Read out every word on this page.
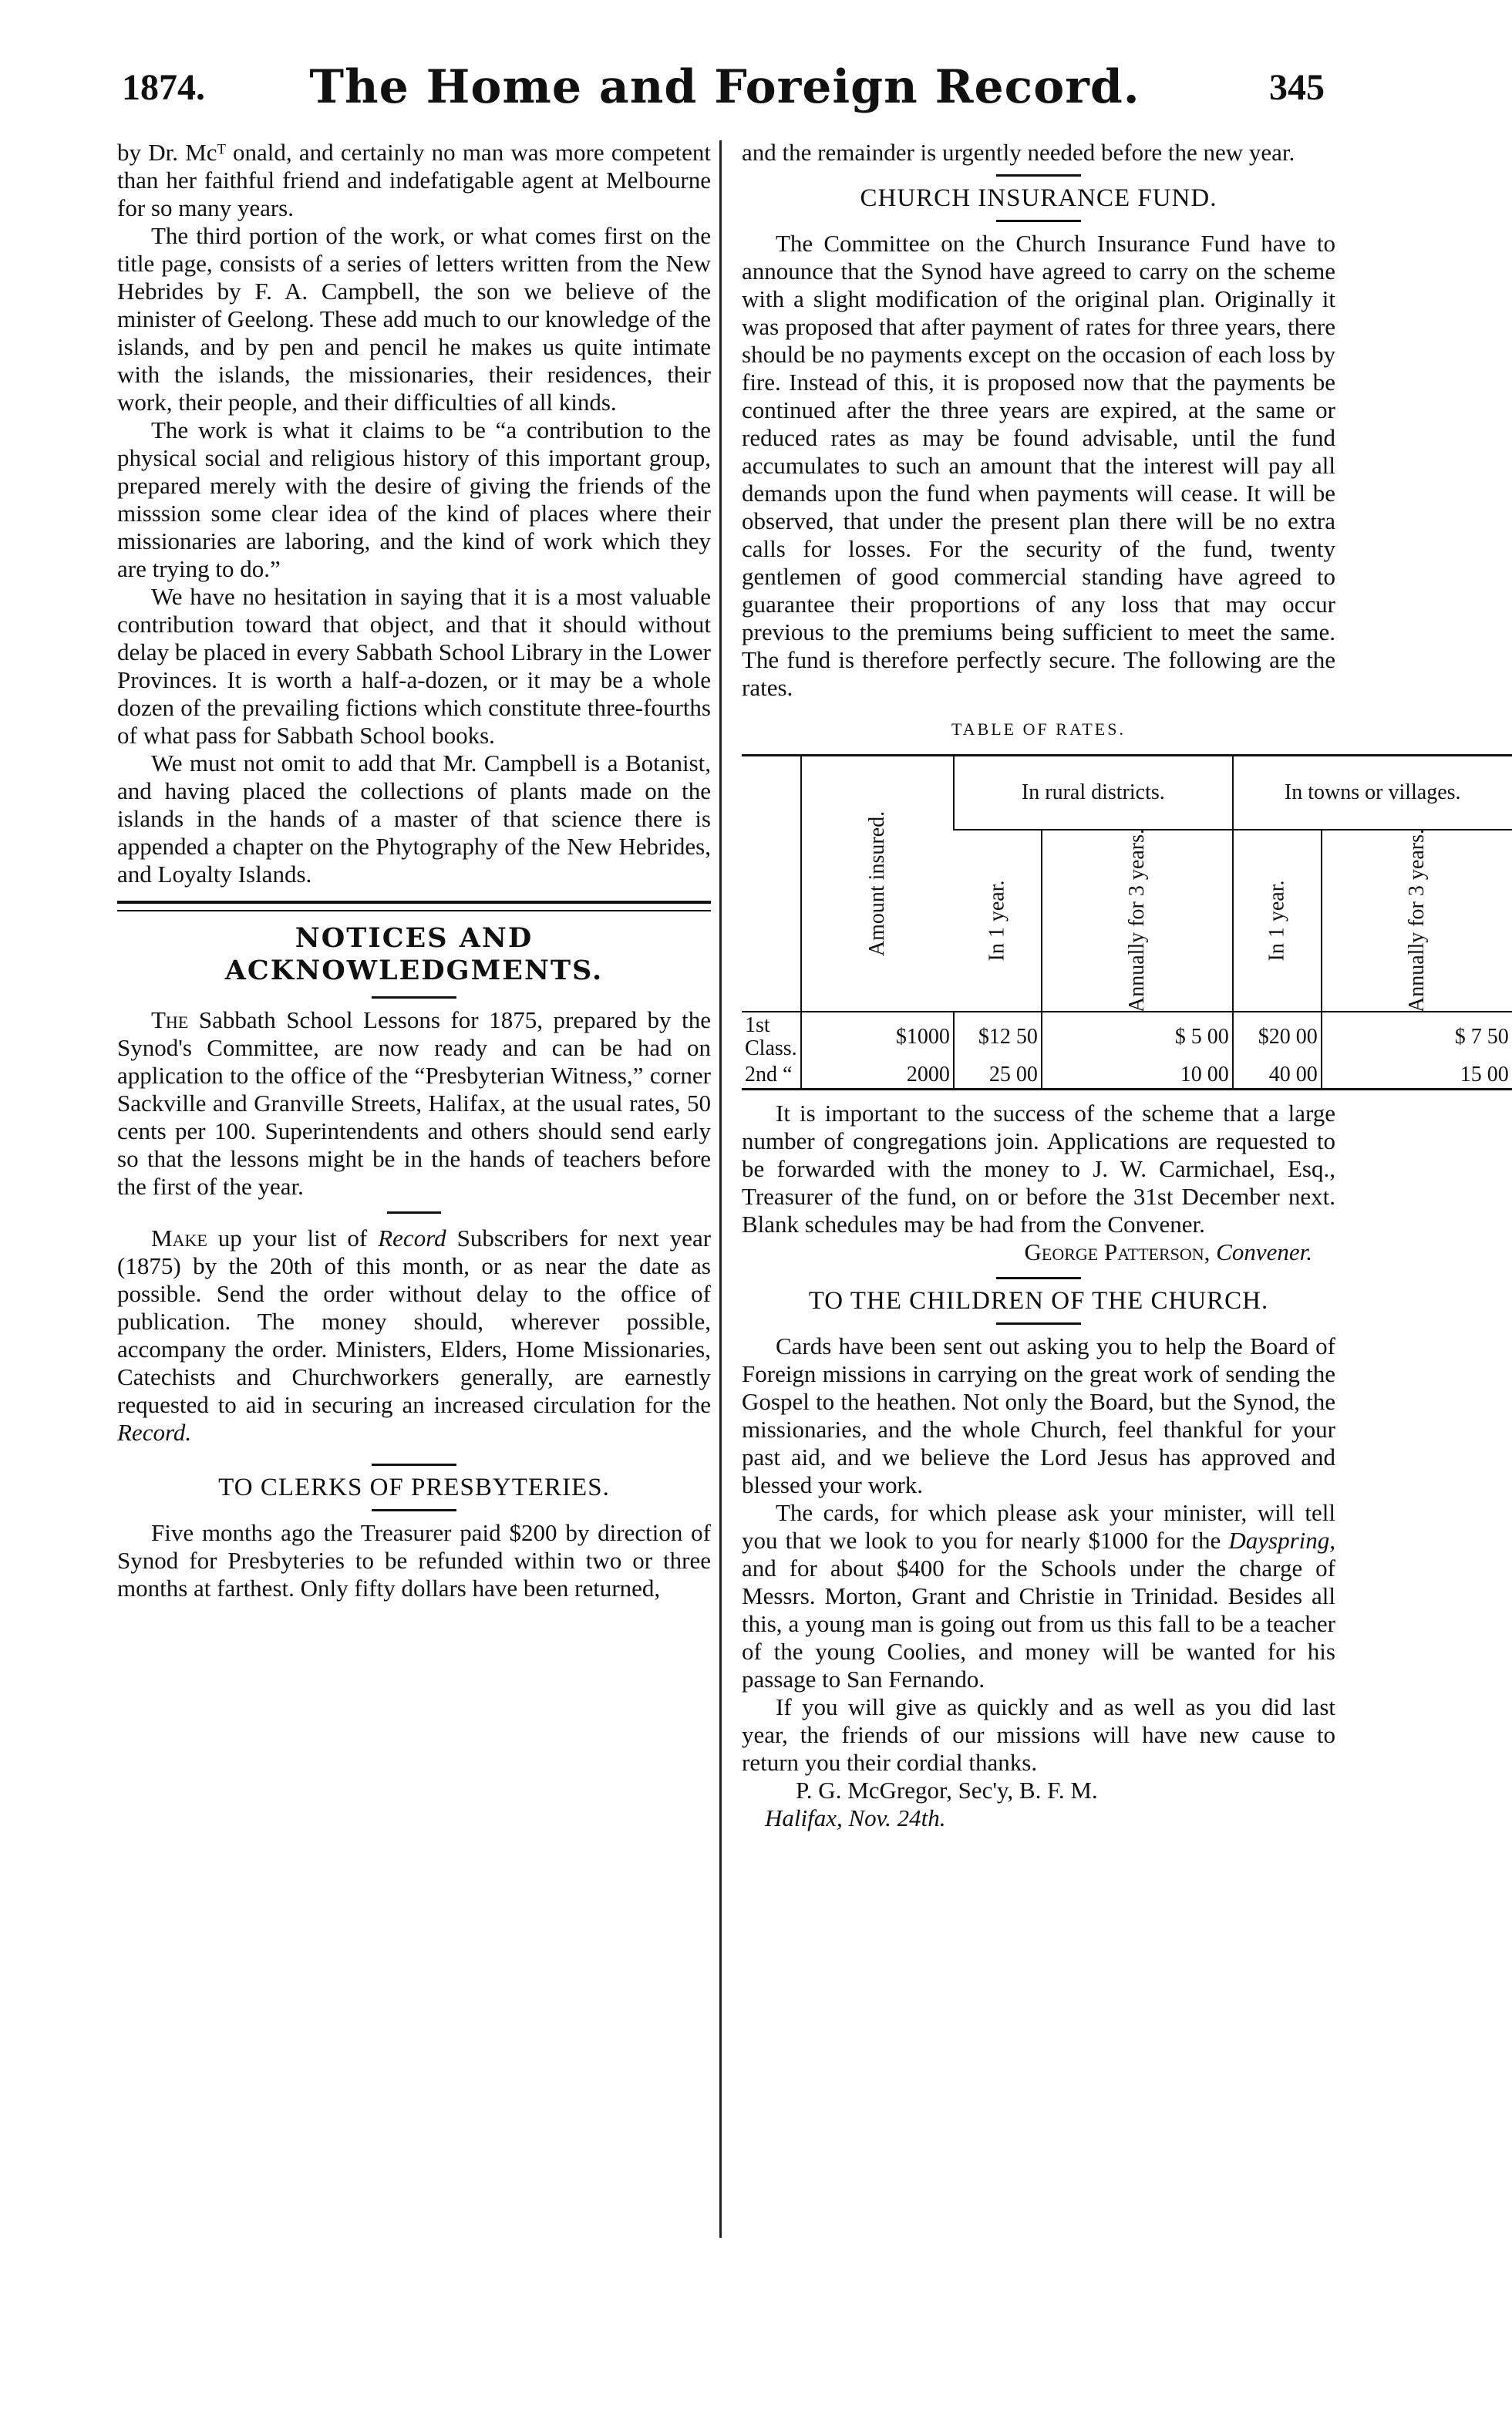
1874.	The Home and Foreign Record.	345

by Dr. Mcᵀ onald, and certainly no man was more competent than her faithful friend and indefatigable agent at Melbourne for so many years.

The third portion of the work, or what comes first on the title page, consists of a series of letters written from the New Hebrides by F. A. Campbell, the son we believe of the minister of Geelong. These add much to our knowledge of the islands, and by pen and pencil he makes us quite intimate with the islands, the missionaries, their residences, their work, their people, and their difficulties of all kinds.

The work is what it claims to be “a contribution to the physical social and religious history of this important group, prepared merely with the desire of giving the friends of the misssion some clear idea of the kind of places where their missionaries are laboring, and the kind of work which they are trying to do.”

We have no hesitation in saying that it is a most valuable contribution toward that object, and that it should without delay be placed in every Sabbath School Library in the Lower Provinces. It is worth a half-a-dozen, or it may be a whole dozen of the prevailing fictions which constitute three-fourths of what pass for Sabbath School books.

We must not omit to add that Mr. Campbell is a Botanist, and having placed the collections of plants made on the islands in the hands of a master of that science there is appended a chapter on the Phytography of the New Hebrides, and Loyalty Islands.

NOTICES AND ACKNOWLEDGMENTS.

The Sabbath School Lessons for 1875, prepared by the Synod's Committee, are now ready and can be had on application to the office of the “Presbyterian Witness,” corner Sackville and Granville Streets, Halifax, at the usual rates, 50 cents per 100. Superintendents and others should send early so that the lessons might be in the hands of teachers before the first of the year.

Make up your list of Record Subscribers for next year (1875) by the 20th of this month, or as near the date as possible. Send the order without delay to the office of publication. The money should, wherever possible, accompany the order. Ministers, Elders, Home Missionaries, Catechists and Churchworkers generally, are earnestly requested to aid in securing an increased circulation for the Record.

TO CLERKS OF PRESBYTERIES.

Five months ago the Treasurer paid $200 by direction of Synod for Presbyteries to be refunded within two or three months at farthest. Only fifty dollars have been returned,

and the remainder is urgently needed before the new year.

CHURCH INSURANCE FUND.

The Committee on the Church Insurance Fund have to announce that the Synod have agreed to carry on the scheme with a slight modification of the original plan. Originally it was proposed that after payment of rates for three years, there should be no payments except on the occasion of each loss by fire. Instead of this, it is proposed now that the payments be continued after the three years are expired, at the same or reduced rates as may be found advisable, until the fund accumulates to such an amount that the interest will pay all demands upon the fund when payments will cease. It will be observed, that under the present plan there will be no extra calls for losses. For the security of the fund, twenty gentlemen of good commercial standing have agreed to guarantee their proportions of any loss that may occur previous to the premiums being sufficient to meet the same. The fund is therefore perfectly secure. The following are the rates.

TABLE OF RATES.
	Amount insured.	In rural districts.		In towns or villages.	
		In 1 year.	Annually for 3 years.	In 1 year.	Annually for 3 years.
1st Class.	$1000	$12 50	$ 5 00	$20 00	$ 7 50
2nd “	2000	25 00	10 00	40 00	15 00

It is important to the success of the scheme that a large number of congregations join. Applications are requested to be forwarded with the money to J. W. Carmichael, Esq., Treasurer of the fund, on or before the 31st December next. Blank schedules may be had from the Convener.

George Patterson, Convener.

TO THE CHILDREN OF THE CHURCH.

Cards have been sent out asking you to help the Board of Foreign missions in carrying on the great work of sending the Gospel to the heathen. Not only the Board, but the Synod, the missionaries, and the whole Church, feel thankful for your past aid, and we believe the Lord Jesus has approved and blessed your work.

The cards, for which please ask your minister, will tell you that we look to you for nearly $1000 for the Dayspring, and for about $400 for the Schools under the charge of Messrs. Morton, Grant and Christie in Trinidad. Besides all this, a young man is going out from us this fall to be a teacher of the young Coolies, and money will be wanted for his passage to San Fernando.

If you will give as quickly and as well as you did last year, the friends of our missions will have new cause to return you their cordial thanks.

P. G. McGregor, Sec'y, B. F. M.

Halifax, Nov. 24th.
